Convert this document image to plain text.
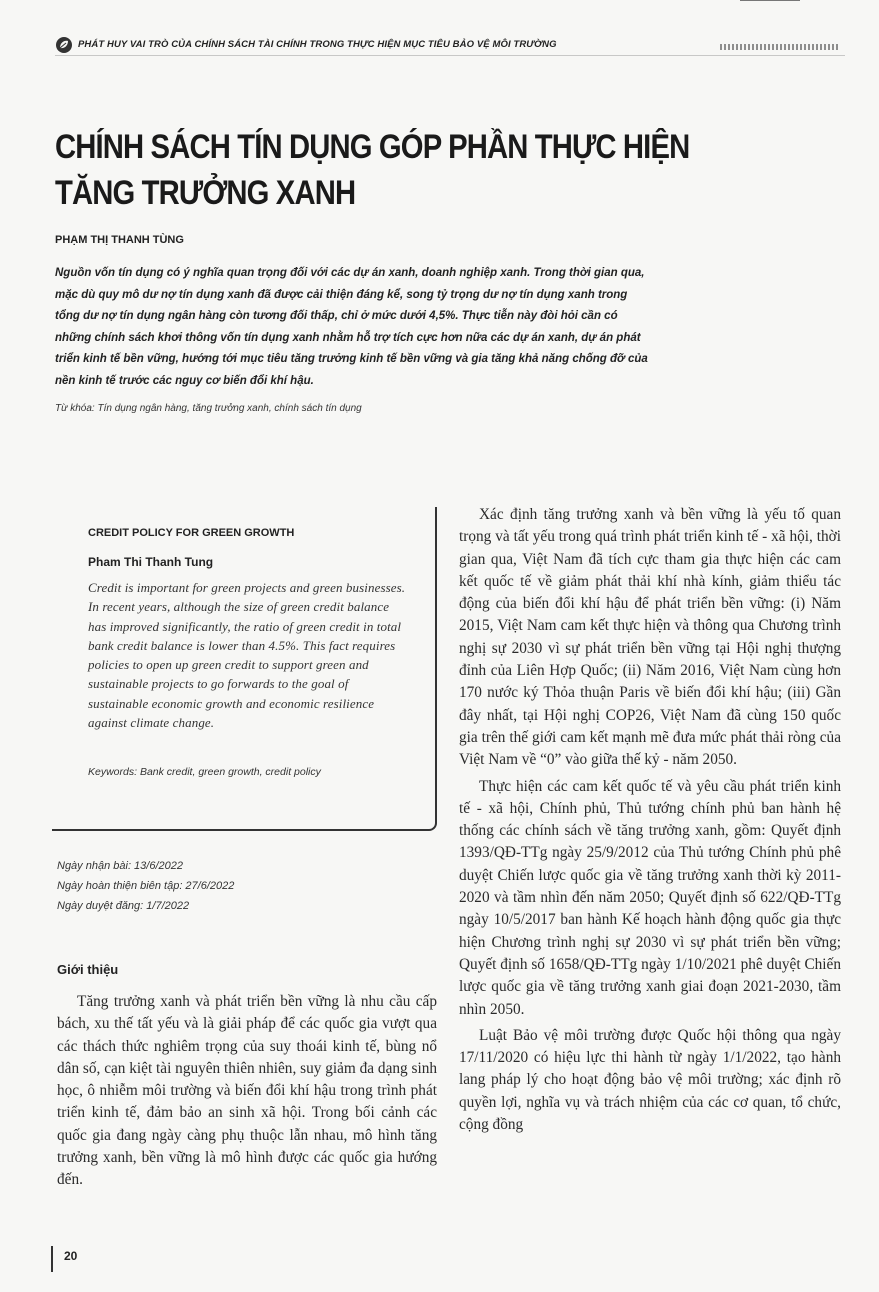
PHÁT HUY VAI TRÒ CỦA CHÍNH SÁCH TÀI CHÍNH TRONG THỰC HIỆN MỤC TIÊU BẢO VỆ MÔI TRƯỜNG
CHÍNH SÁCH TÍN DỤNG GÓP PHẦN THỰC HIỆN
TĂNG TRƯỞNG XANH
PHẠM THỊ THANH TÙNG
Nguồn vốn tín dụng có ý nghĩa quan trọng đối với các dự án xanh, doanh nghiệp xanh. Trong thời gian qua, mặc dù quy mô dư nợ tín dụng xanh đã được cải thiện đáng kể, song tỷ trọng dư nợ tín dụng xanh trong tổng dư nợ tín dụng ngân hàng còn tương đối thấp, chỉ ở mức dưới 4,5%. Thực tiễn này đòi hỏi cần có những chính sách khơi thông vốn tín dụng xanh nhằm hỗ trợ tích cực hơn nữa các dự án xanh, dự án phát triển kinh tế bền vững, hướng tới mục tiêu tăng trưởng kinh tế bền vững và gia tăng khả năng chống đỡ của nền kinh tế trước các nguy cơ biến đổi khí hậu.
Từ khóa: Tín dụng ngân hàng, tăng trưởng xanh, chính sách tín dụng
CREDIT POLICY FOR GREEN GROWTH
Pham Thi Thanh Tung
Credit is important for green projects and green businesses. In recent years, although the size of green credit balance has improved significantly, the ratio of green credit in total bank credit balance is lower than 4.5%. This fact requires policies to open up green credit to support green and sustainable projects to go forwards to the goal of sustainable economic growth and economic resilience against climate change.
Keywords: Bank credit, green growth, credit policy
Ngày nhận bài: 13/6/2022
Ngày hoàn thiện biên tập: 27/6/2022
Ngày duyệt đăng: 1/7/2022
Giới thiệu

Tăng trưởng xanh và phát triển bền vững là nhu cầu cấp bách, xu thế tất yếu và là giải pháp để các quốc gia vượt qua các thách thức nghiêm trọng của suy thoái kinh tế, bùng nổ dân số, cạn kiệt tài nguyên thiên nhiên, suy giảm đa dạng sinh học, ô nhiễm môi trường và biến đổi khí hậu trong trình phát triển kinh tế, đảm bảo an sinh xã hội. Trong bối cảnh các quốc gia đang ngày càng phụ thuộc lẫn nhau, mô hình tăng trưởng xanh, bền vững là mô hình được các quốc gia hướng đến.

Xác định tăng trưởng xanh và bền vững là yếu tố quan trọng và tất yếu trong quá trình phát triển kinh tế - xã hội, thời gian qua, Việt Nam đã tích cực tham gia thực hiện các cam kết quốc tế về giảm phát thải khí nhà kính, giảm thiểu tác động của biến đổi khí hậu để phát triển bền vững: (i) Năm 2015, Việt Nam cam kết thực hiện và thông qua Chương trình nghị sự 2030 vì sự phát triển bền vững tại Hội nghị thượng đỉnh của Liên Hợp Quốc; (ii) Năm 2016, Việt Nam cùng hơn 170 nước ký Thỏa thuận Paris về biến đổi khí hậu; (iii) Gần đây nhất, tại Hội nghị COP26, Việt Nam đã cùng 150 quốc gia trên thế giới cam kết mạnh mẽ đưa mức phát thải ròng của Việt Nam về “0” vào giữa thế kỷ - năm 2050.

Thực hiện các cam kết quốc tế và yêu cầu phát triển kinh tế - xã hội, Chính phủ, Thủ tướng chính phủ ban hành hệ thống các chính sách về tăng trưởng xanh, gồm: Quyết định 1393/QĐ-TTg ngày 25/9/2012 của Thủ tướng Chính phủ phê duyệt Chiến lược quốc gia về tăng trưởng xanh thời kỳ 2011- 2020 và tầm nhìn đến năm 2050; Quyết định số 622/QĐ-TTg ngày 10/5/2017 ban hành Kế hoạch hành động quốc gia thực hiện Chương trình nghị sự 2030 vì sự phát triển bền vững; Quyết định số 1658/QĐ-TTg ngày 1/10/2021 phê duyệt Chiến lược quốc gia về tăng trưởng xanh giai đoạn 2021-2030, tầm nhìn 2050.

Luật Bảo vệ môi trường được Quốc hội thông qua ngày 17/11/2020 có hiệu lực thi hành từ ngày 1/1/2022, tạo hành lang pháp lý cho hoạt động bảo vệ môi trường; xác định rõ quyền lợi, nghĩa vụ và trách nhiệm của các cơ quan, tổ chức, cộng đồng

20
